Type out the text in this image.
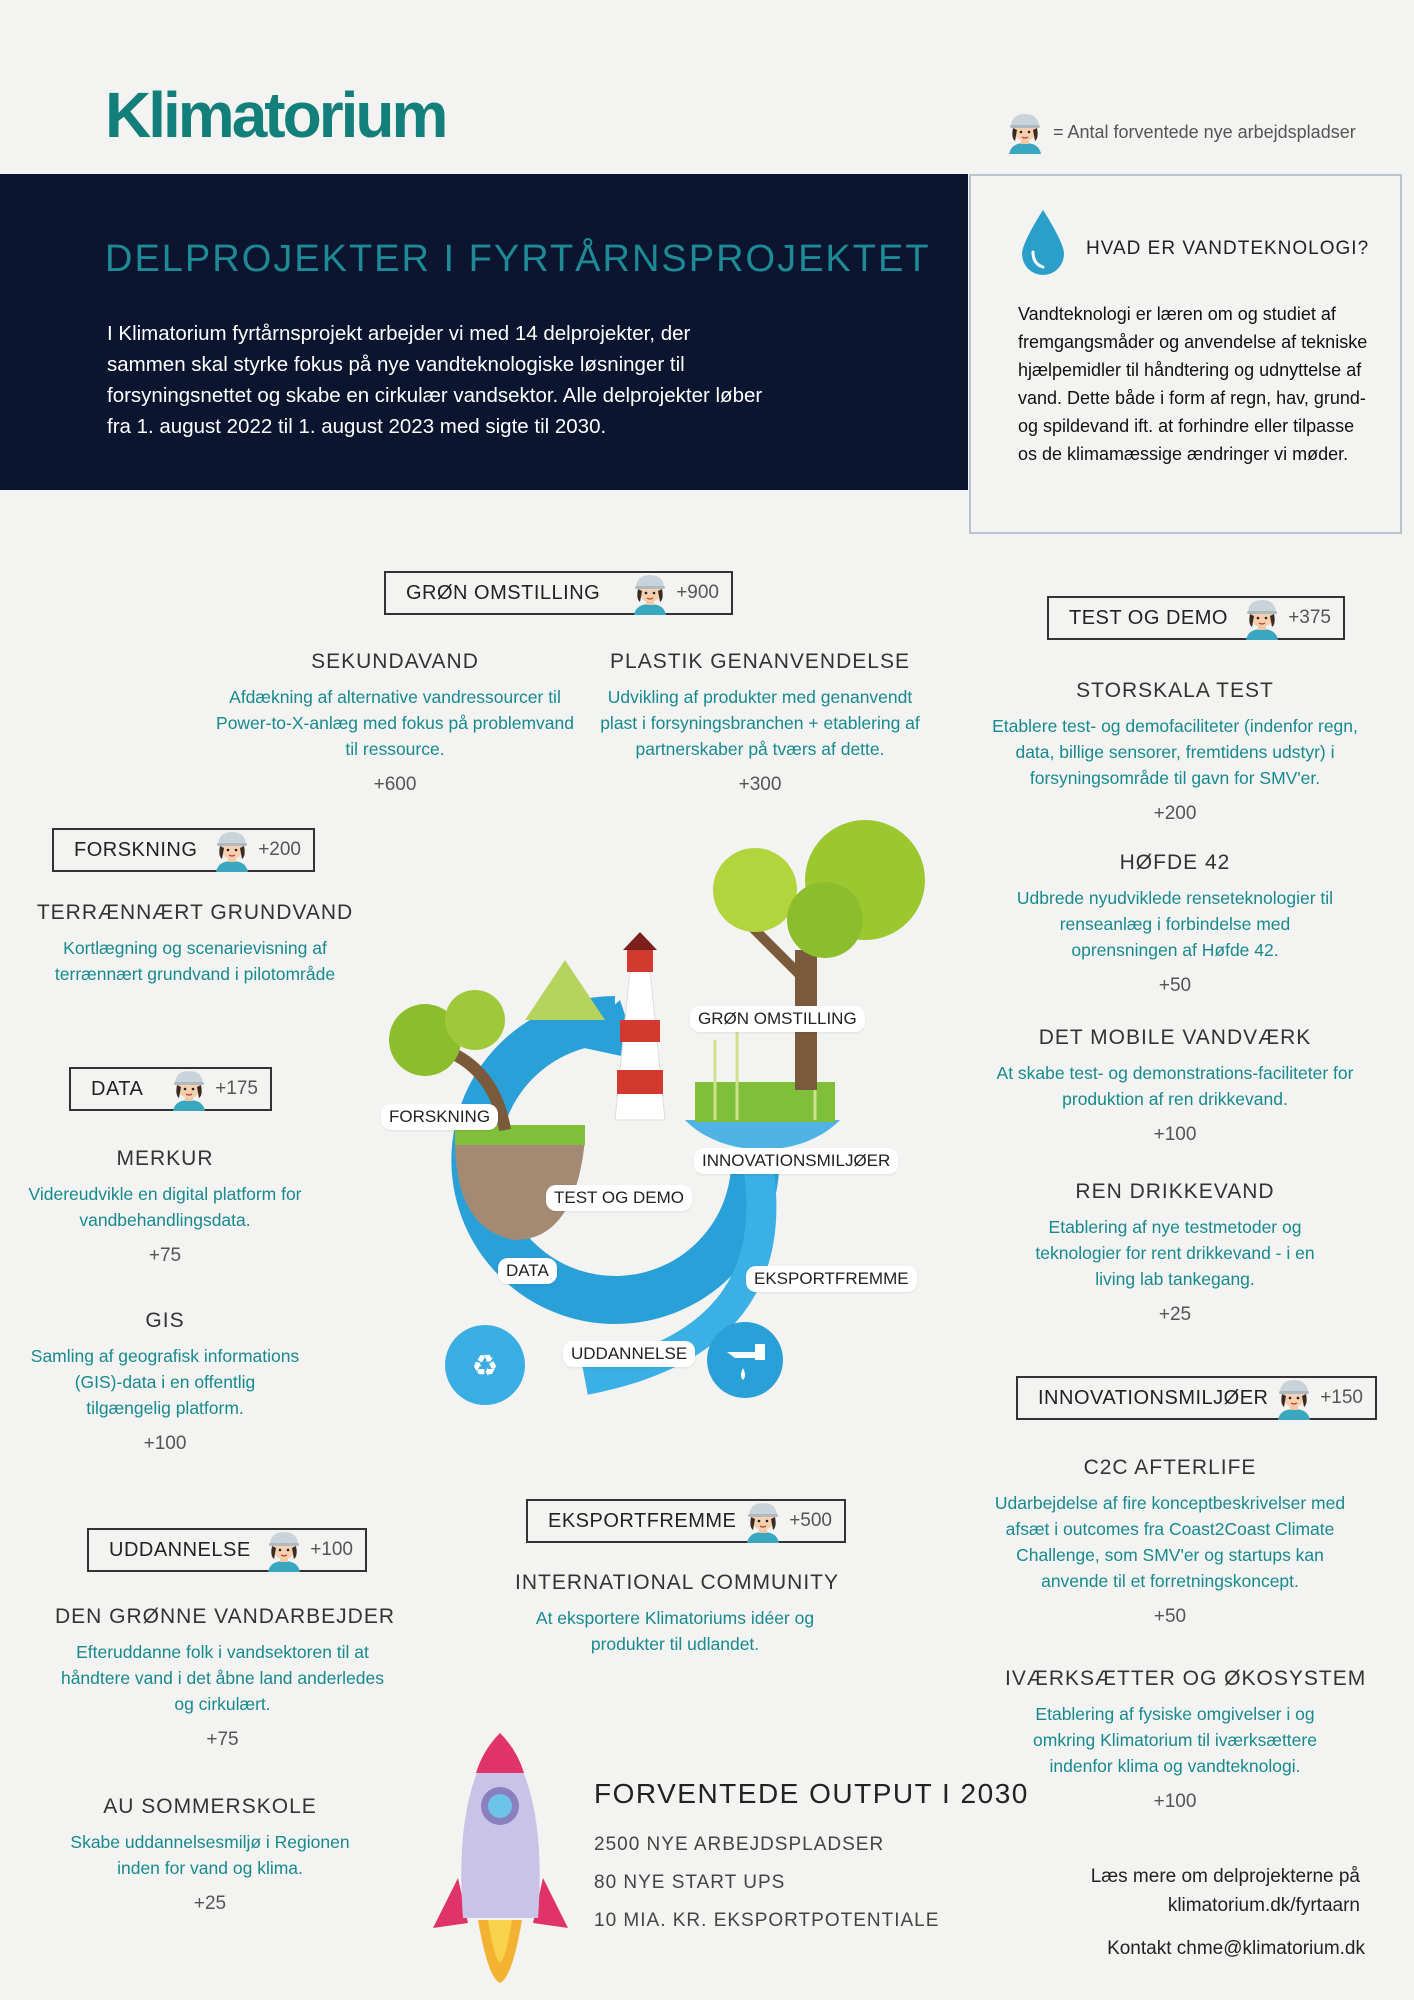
Klimatorium	= Antal forventede nye arbejdspladser
DELPROJEKTER I FYRTÅRNSPROJEKTET

I Klimatorium fyrtårnsprojekt arbejder vi med 14 delprojekter, der sammen skal styrke fokus på nye vandteknologiske løsninger til forsyningsnettet og skabe en cirkulær vandsektor. Alle delprojekter løber fra 1. august 2022 til 1. august 2023 med sigte til 2030.

HVAD ER VANDTEKNOLOGI?

Vandteknologi er læren om og studiet af fremgangsmåder og anvendelse af tekniske hjælpemidler til håndtering og udnyttelse af vand. Dette både i form af regn, hav, grund- og spildevand ift. at forhindre eller tilpasse os de klimamæssige ændringer vi møder.

GRØN OMSTILLING	+900
TEST OG DEMO	+375
FORSKNING	+200
DATA	+175
UDDANNELSE	+100
EKSPORTFREMME	+500
INNOVATIONSMILJØER	+150
SEKUNDAVAND
Afdækning af alternative vandressourcer til Power-to-X-anlæg med fokus på problemvand til ressource.
+600
PLASTIK GENANVENDELSE
Udvikling af produkter med genanvendt plast i forsyningsbranchen + etablering af partnerskaber på tværs af dette.
+300
STORSKALA TEST
Etablere test- og demofaciliteter (indenfor regn, data, billige sensorer, fremtidens udstyr) i forsyningsområde til gavn for SMV'er.
+200
HØFDE 42
Udbrede nyudviklede renseteknologier til renseanlæg i forbindelse med oprensningen af Høfde 42.
+50
DET MOBILE VANDVÆRK
At skabe test- og demonstrations-faciliteter for produktion af ren drikkevand.
+100
REN DRIKKEVAND
Etablering af nye testmetoder og teknologier for rent drikkevand - i en living lab tankegang.
+25
TERRÆNNÆRT GRUNDVAND
Kortlægning og scenarievisning af terrænnært grundvand i pilotområde
MERKUR
Videreudvikle en digital platform for vandbehandlingsdata.
+75
GIS
Samling af geografisk informations (GIS)-data i en offentlig tilgængelig platform.
+100
C2C AFTERLIFE
Udarbejdelse af fire konceptbeskrivelser med afsæt i outcomes fra Coast2Coast Climate Challenge, som SMV'er og startups kan anvende til et forretningskoncept.
+50
IVÆRKSÆTTER OG ØKOSYSTEM
Etablering af fysiske omgivelser i og omkring Klimatorium til iværksættere indenfor klima og vandteknologi.
+100
INTERNATIONAL COMMUNITY
At eksportere Klimatoriums idéer og produkter til udlandet.
DEN GRØNNE VANDARBEJDER
Efteruddanne folk i vandsektoren til at håndtere vand i det åbne land anderledes og cirkulært.
+75
AU SOMMERSKOLE
Skabe uddannelsesmiljø i Regionen inden for vand og klima.
+25
♻
GRØN OMSTILLING
FORSKNING
INNOVATIONSMILJØER
TEST OG DEMO
DATA	EKSPORTFREMME
UDDANNELSE
FORVENTEDE OUTPUT I 2030
2500 NYE ARBEJDSPLADSER
80 NYE START UPS
10 MIA. KR. EKSPORTPOTENTIALE
Læs mere om delprojekterne på
klimatorium.dk/fyrtaarn
Kontakt chme@klimatorium.dk
